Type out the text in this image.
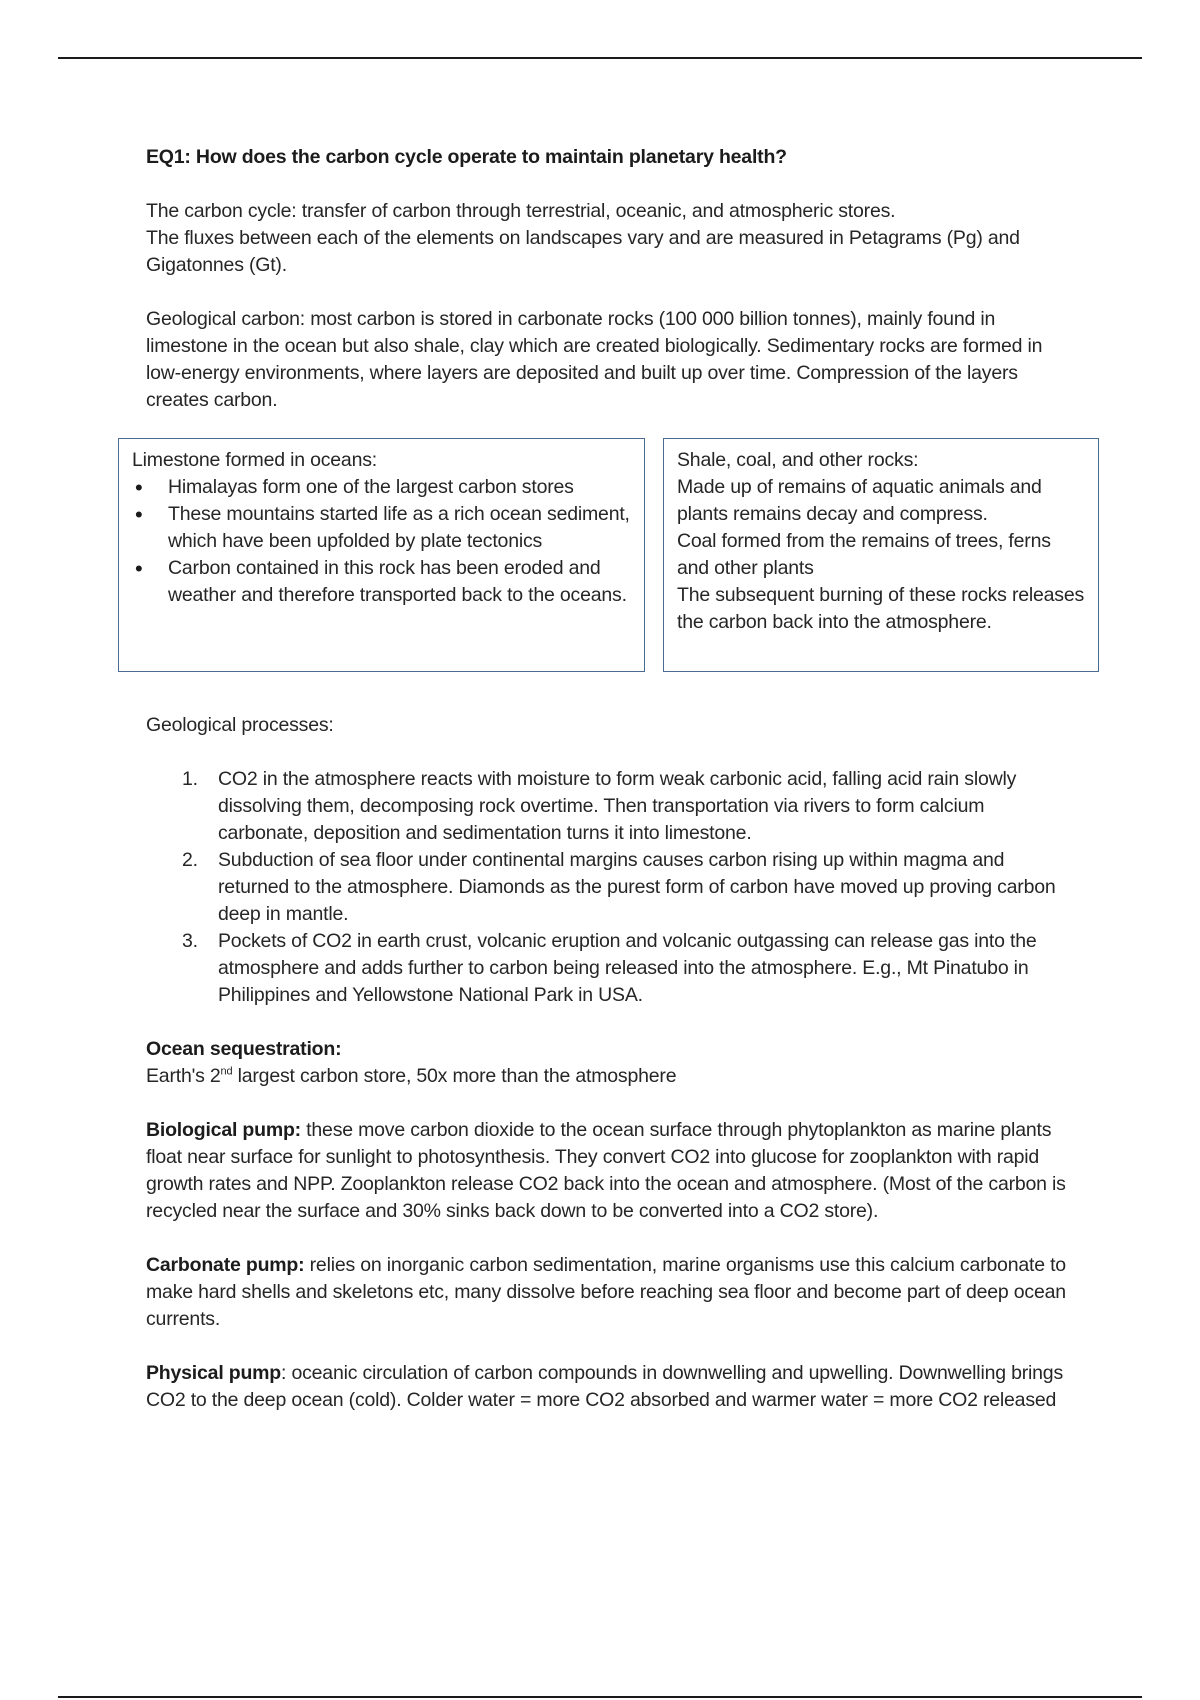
EQ1: How does the carbon cycle operate to maintain planetary health?

The carbon cycle: transfer of carbon through terrestrial, oceanic, and atmospheric stores.

The fluxes between each of the elements on landscapes vary and are measured in Petagrams (Pg) and Gigatonnes (Gt).

Geological carbon: most carbon is stored in carbonate rocks (100 000 billion tonnes), mainly found in limestone in the ocean but also shale, clay which are created biologically. Sedimentary rocks are formed in low-energy environments, where layers are deposited and built up over time. Compression of the layers creates carbon.

Limestone formed in oceans:

• Himalayas form one of the largest carbon stores
• These mountains started life as a rich ocean sediment, which have been upfolded by plate tectonics
• Carbon contained in this rock has been eroded and weather and therefore transported back to the oceans.

Shale, coal, and other rocks:

Made up of remains of aquatic animals and plants remains decay and compress.

Coal formed from the remains of trees, ferns and other plants

The subsequent burning of these rocks releases the carbon back into the atmosphere.

Geological processes:

1. CO2 in the atmosphere reacts with moisture to form weak carbonic acid, falling acid rain slowly dissolving them, decomposing rock overtime. Then transportation via rivers to form calcium carbonate, deposition and sedimentation turns it into limestone.
2. Subduction of sea floor under continental margins causes carbon rising up within magma and returned to the atmosphere. Diamonds as the purest form of carbon have moved up proving carbon deep in mantle.
3. Pockets of CO2 in earth crust, volcanic eruption and volcanic outgassing can release gas into the atmosphere and adds further to carbon being released into the atmosphere. E.g., Mt Pinatubo in Philippines and Yellowstone National Park in USA.

Ocean sequestration:

Earth's 2nd largest carbon store, 50x more than the atmosphere

Biological pump: these move carbon dioxide to the ocean surface through phytoplankton as marine plants float near surface for sunlight to photosynthesis. They convert CO2 into glucose for zooplankton with rapid growth rates and NPP. Zooplankton release CO2 back into the ocean and atmosphere. (Most of the carbon is recycled near the surface and 30% sinks back down to be converted into a CO2 store).

Carbonate pump: relies on inorganic carbon sedimentation, marine organisms use this calcium carbonate to make hard shells and skeletons etc, many dissolve before reaching sea floor and become part of deep ocean currents.

Physical pump: oceanic circulation of carbon compounds in downwelling and upwelling. Downwelling brings CO2 to the deep ocean (cold). Colder water = more CO2 absorbed and warmer water = more CO2 released
